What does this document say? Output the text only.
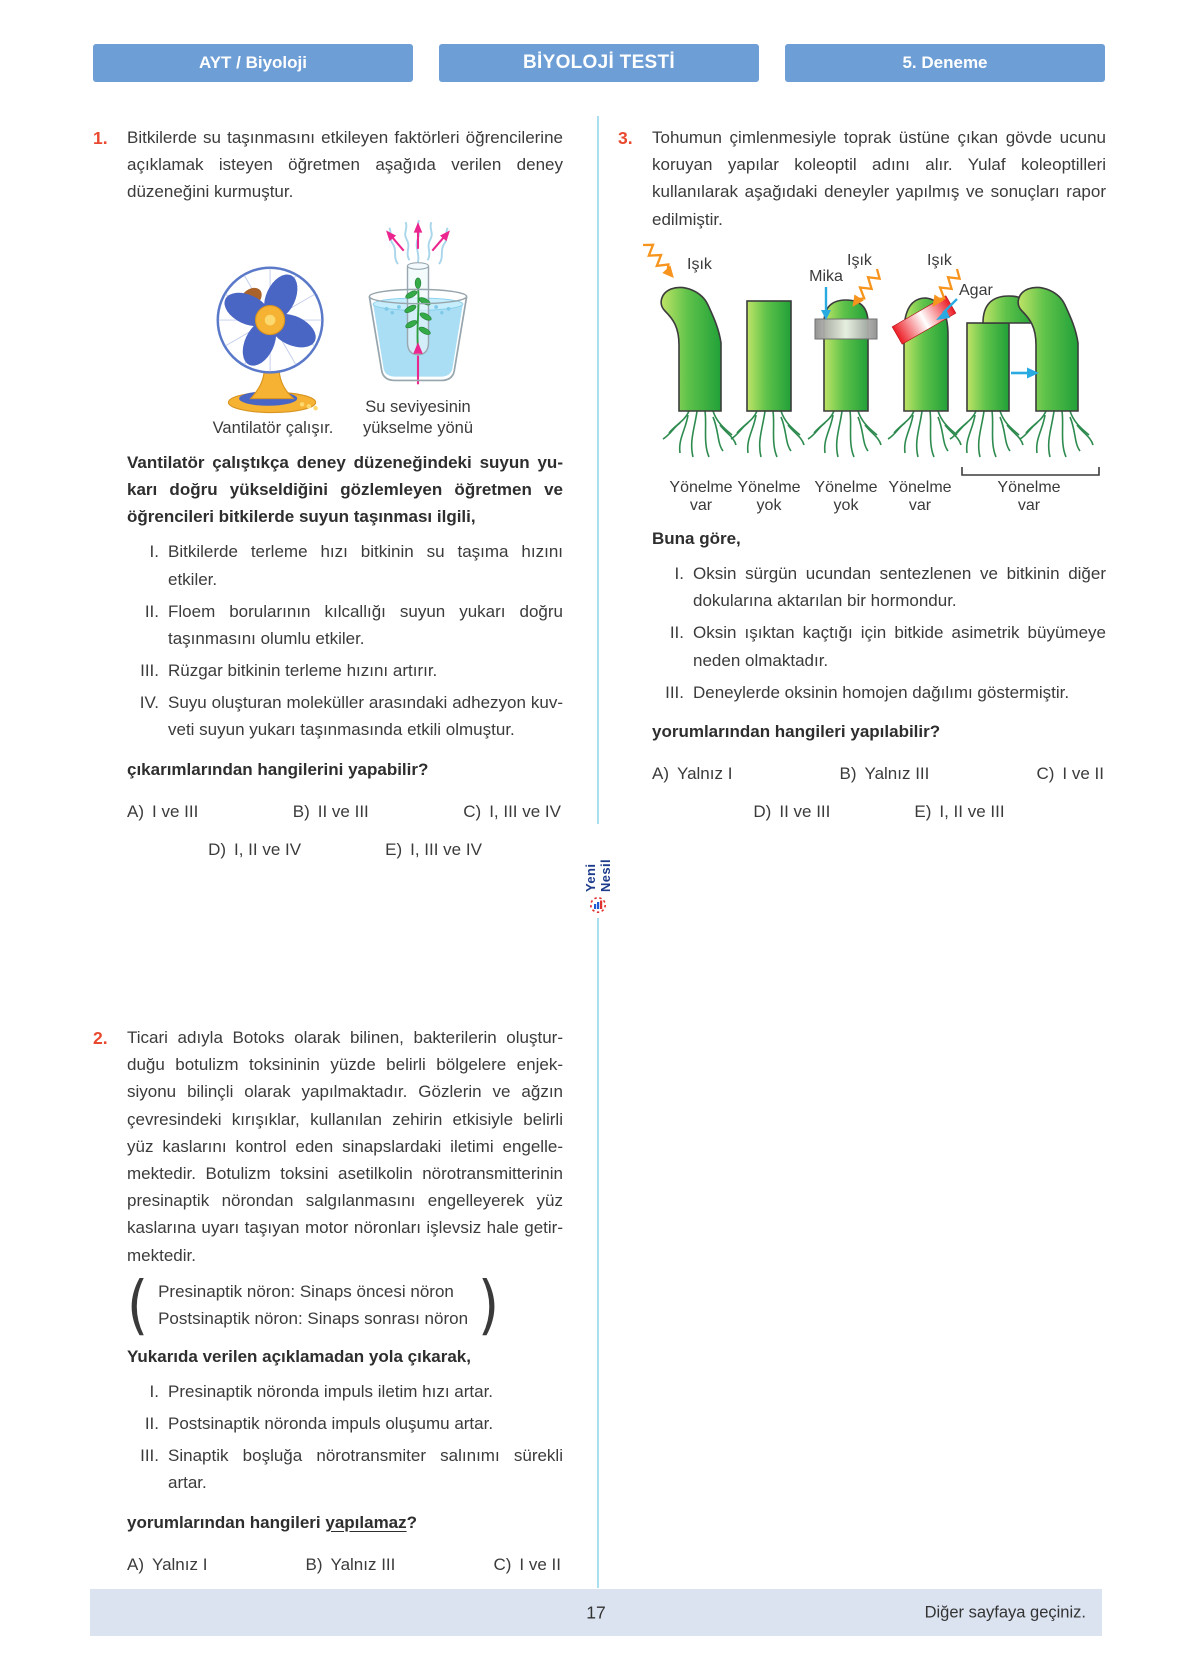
AYT / Biyoloji	BİYOLOJİ TESTİ	5. Deneme
Yeni Nesil
1.	Bitkilerde su taşınmasını etkileyen faktörleri öğrencilerine açıklamak isteyen öğretmen aşağıda verilen deney düzeneğini kurmuştur.

Vantilatör çalışır.
Su seviyesinin
yükselme yönü

Vantilatör çalıştıkça deney düzeneğindeki suyun yukarı doğru yükseldiğini gözlemleyen öğretmen ve öğrencileri bitkilerde suyun taşınması ilgili,

I. Bitkilerde terleme hızı bitkinin su taşıma hızını etkiler.
II. Floem borularının kılcallığı suyun yukarı doğru taşınmasını olumlu etkiler.
III. Rüzgar bitkinin terleme hızını artırır.
IV. Suyu oluşturan moleküller arasındaki adhezyon kuvveti suyun yukarı taşınmasında etkili olmuştur.

çıkarımlarından hangilerini yapabilir?

A) I ve III	B) II ve III	C) I, III ve IV
D) I, II ve IV	E) I, III ve IV
2.	Ticari adıyla Botoks olarak bilinen, bakterilerin oluşturduğu botulizm toksininin yüzde belirli bölgelere enjeksiyonu bilinçli olarak yapılmaktadır. Gözlerin ve ağzın çevresindeki kırışıklar, kullanılan zehirin etkisiyle belirli yüz kaslarını kontrol eden sinapslardaki iletimi engellemektedir. Botulizm toksini asetilkolin nörotransmitterinin presinaptik nörondan salgılanmasını engelleyerek yüz kaslarına uyarı taşıyan motor nöronları işlevsiz hale getirmektedir.

( Presinaptik nöron: Sinaps öncesi nöron
Postsinaptik nöron: Sinaps sonrası nöron )

Yukarıda verilen açıklamadan yola çıkarak,

I. Presinaptik nöronda impuls iletim hızı artar.
II. Postsinaptik nöronda impuls oluşumu artar.
III. Sinaptik boşluğa nörotransmiter salınımı sürekli artar.

yorumlarından hangileri yapılamaz?

A) Yalnız I	B) Yalnız III	C) I ve II
3.	Tohumun çimlenmesiyle toprak üstüne çıkan gövde ucunu koruyan yapılar koleoptil adını alır. Yulaf koleoptilleri kullanılarak aşağıdaki deneyler yapılmış ve sonuçları rapor edilmiştir.

Işık	Işık	Işık
Mika
Agar
Yönelme
var
Yönelme
yok
Yönelme
yok
Yönelme
var
Yönelme
var

Buna göre,

I. Oksin sürgün ucundan sentezlenen ve bitkinin diğer dokularına aktarılan bir hormondur.
II. Oksin ışıktan kaçtığı için bitkide asimetrik büyümeye neden olmaktadır.
III. Deneylerde oksinin homojen dağılımı göstermiştir.

yorumlarından hangileri yapılabilir?

A) Yalnız I	B) Yalnız III	C) I ve II
D) II ve III	E) I, II ve III
17	Diğer sayfaya geçiniz.
